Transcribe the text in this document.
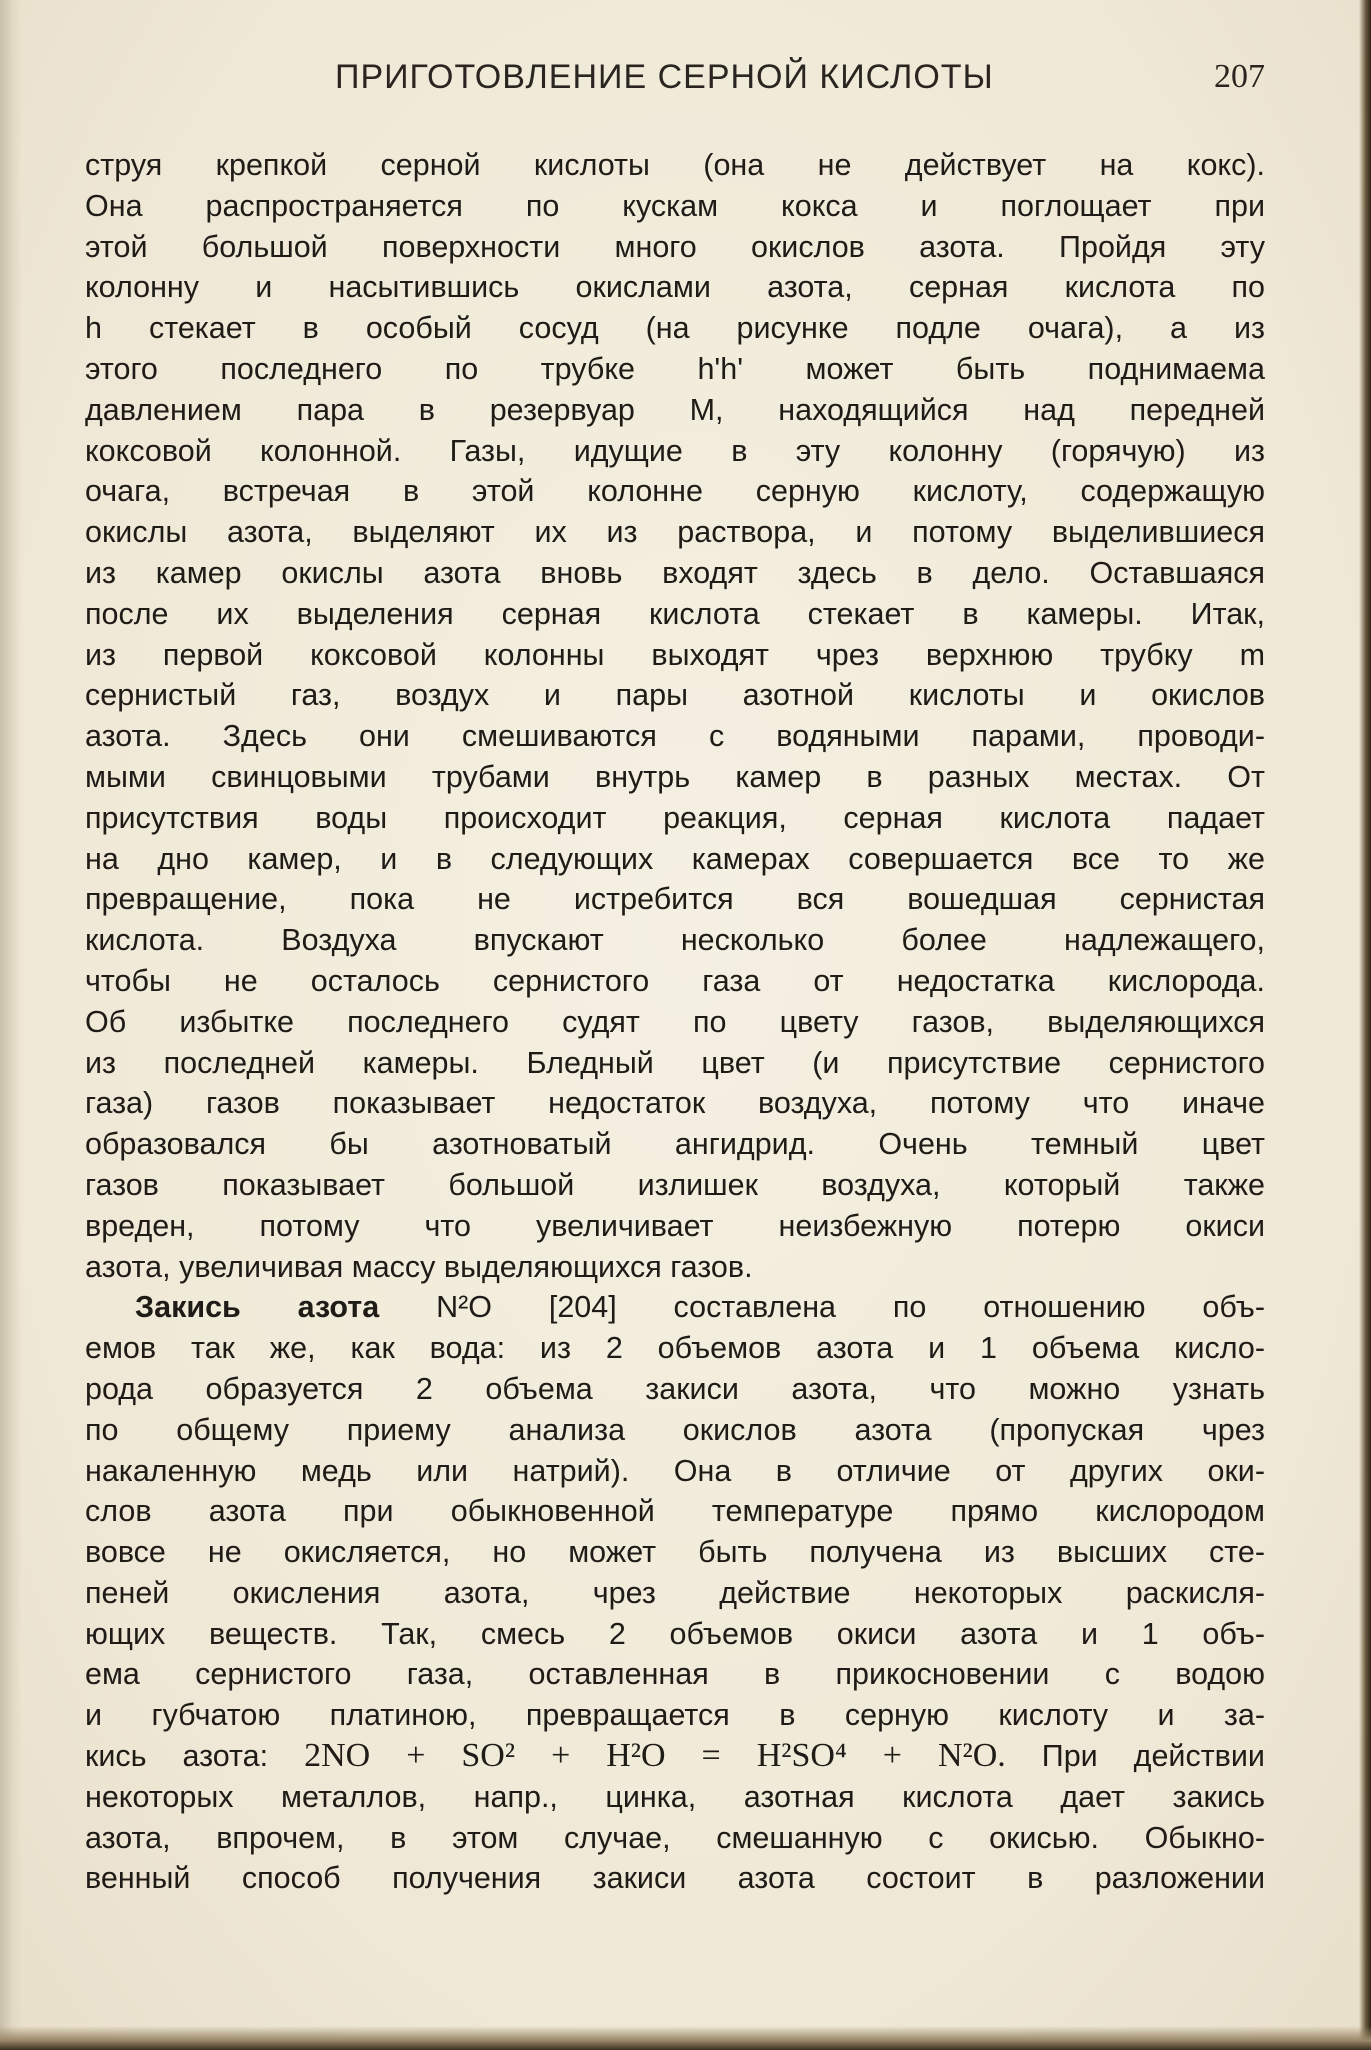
ПРИГОТОВЛЕНИЕ СЕРНОЙ КИСЛОТЫ	207
струя крепкой серной кислоты (она не действует на кокс).
Она распространяется по кускам кокса и поглощает при
этой большой поверхности много окислов азота. Пройдя эту
колонну и насытившись окислами азота, серная кислота по
h стекает в особый сосуд (на рисунке подле очага), а из
этого последнего по трубке h'h' может быть поднимаема
давлением пара в резервуар M, находящийся над передней
коксовой колонной. Газы, идущие в эту колонну (горячую) из
очага, встречая в этой колонне серную кислоту, содержащую
окислы азота, выделяют их из раствора, и потому выделившиеся
из камер окислы азота вновь входят здесь в дело. Оставшаяся
после их выделения серная кислота стекает в камеры. Итак,
из первой коксовой колонны выходят чрез верхнюю трубку m
сернистый газ, воздух и пары азотной кислоты и окислов
азота. Здесь они смешиваются с водяными парами, проводи-
мыми свинцовыми трубами внутрь камер в разных местах. От
присутствия воды происходит реакция, серная кислота падает
на дно камер, и в следующих камерах совершается все то же
превращение, пока не истребится вся вошедшая сернистая
кислота. Воздуха впускают несколько более надлежащего,
чтобы не осталось сернистого газа от недостатка кислорода.
Об избытке последнего судят по цвету газов, выделяющихся
из последней камеры. Бледный цвет (и присутствие сернистого
газа) газов показывает недостаток воздуха, потому что иначе
образовался бы азотноватый ангидрид. Очень темный цвет
газов показывает большой излишек воздуха, который также
вреден, потому что увеличивает неизбежную потерю окиси
азота, увеличивая массу выделяющихся газов.
Закись азота N²O [204] составлена по отношению объ-
емов так же, как вода: из 2 объемов азота и 1 объема кисло-
рода образуется 2 объема закиси азота, что можно узнать
по общему приему анализа окислов азота (пропуская чрез
накаленную медь или натрий). Она в отличие от других оки-
слов азота при обыкновенной температуре прямо кислородом
вовсе не окисляется, но может быть получена из высших сте-
пеней окисления азота, чрез действие некоторых раскисля-
ющих веществ. Так, смесь 2 объемов окиси азота и 1 объ-
ема сернистого газа, оставленная в прикосновении с водою
и губчатою платиною, превращается в серную кислоту и за-
кись азота: 2NO + SO² + H²O = H²SO⁴ + N²O. При действии
некоторых металлов, напр., цинка, азотная кислота дает закись
азота, впрочем, в этом случае, смешанную с окисью. Обыкно-
венный способ получения закиси азота состоит в разложении
